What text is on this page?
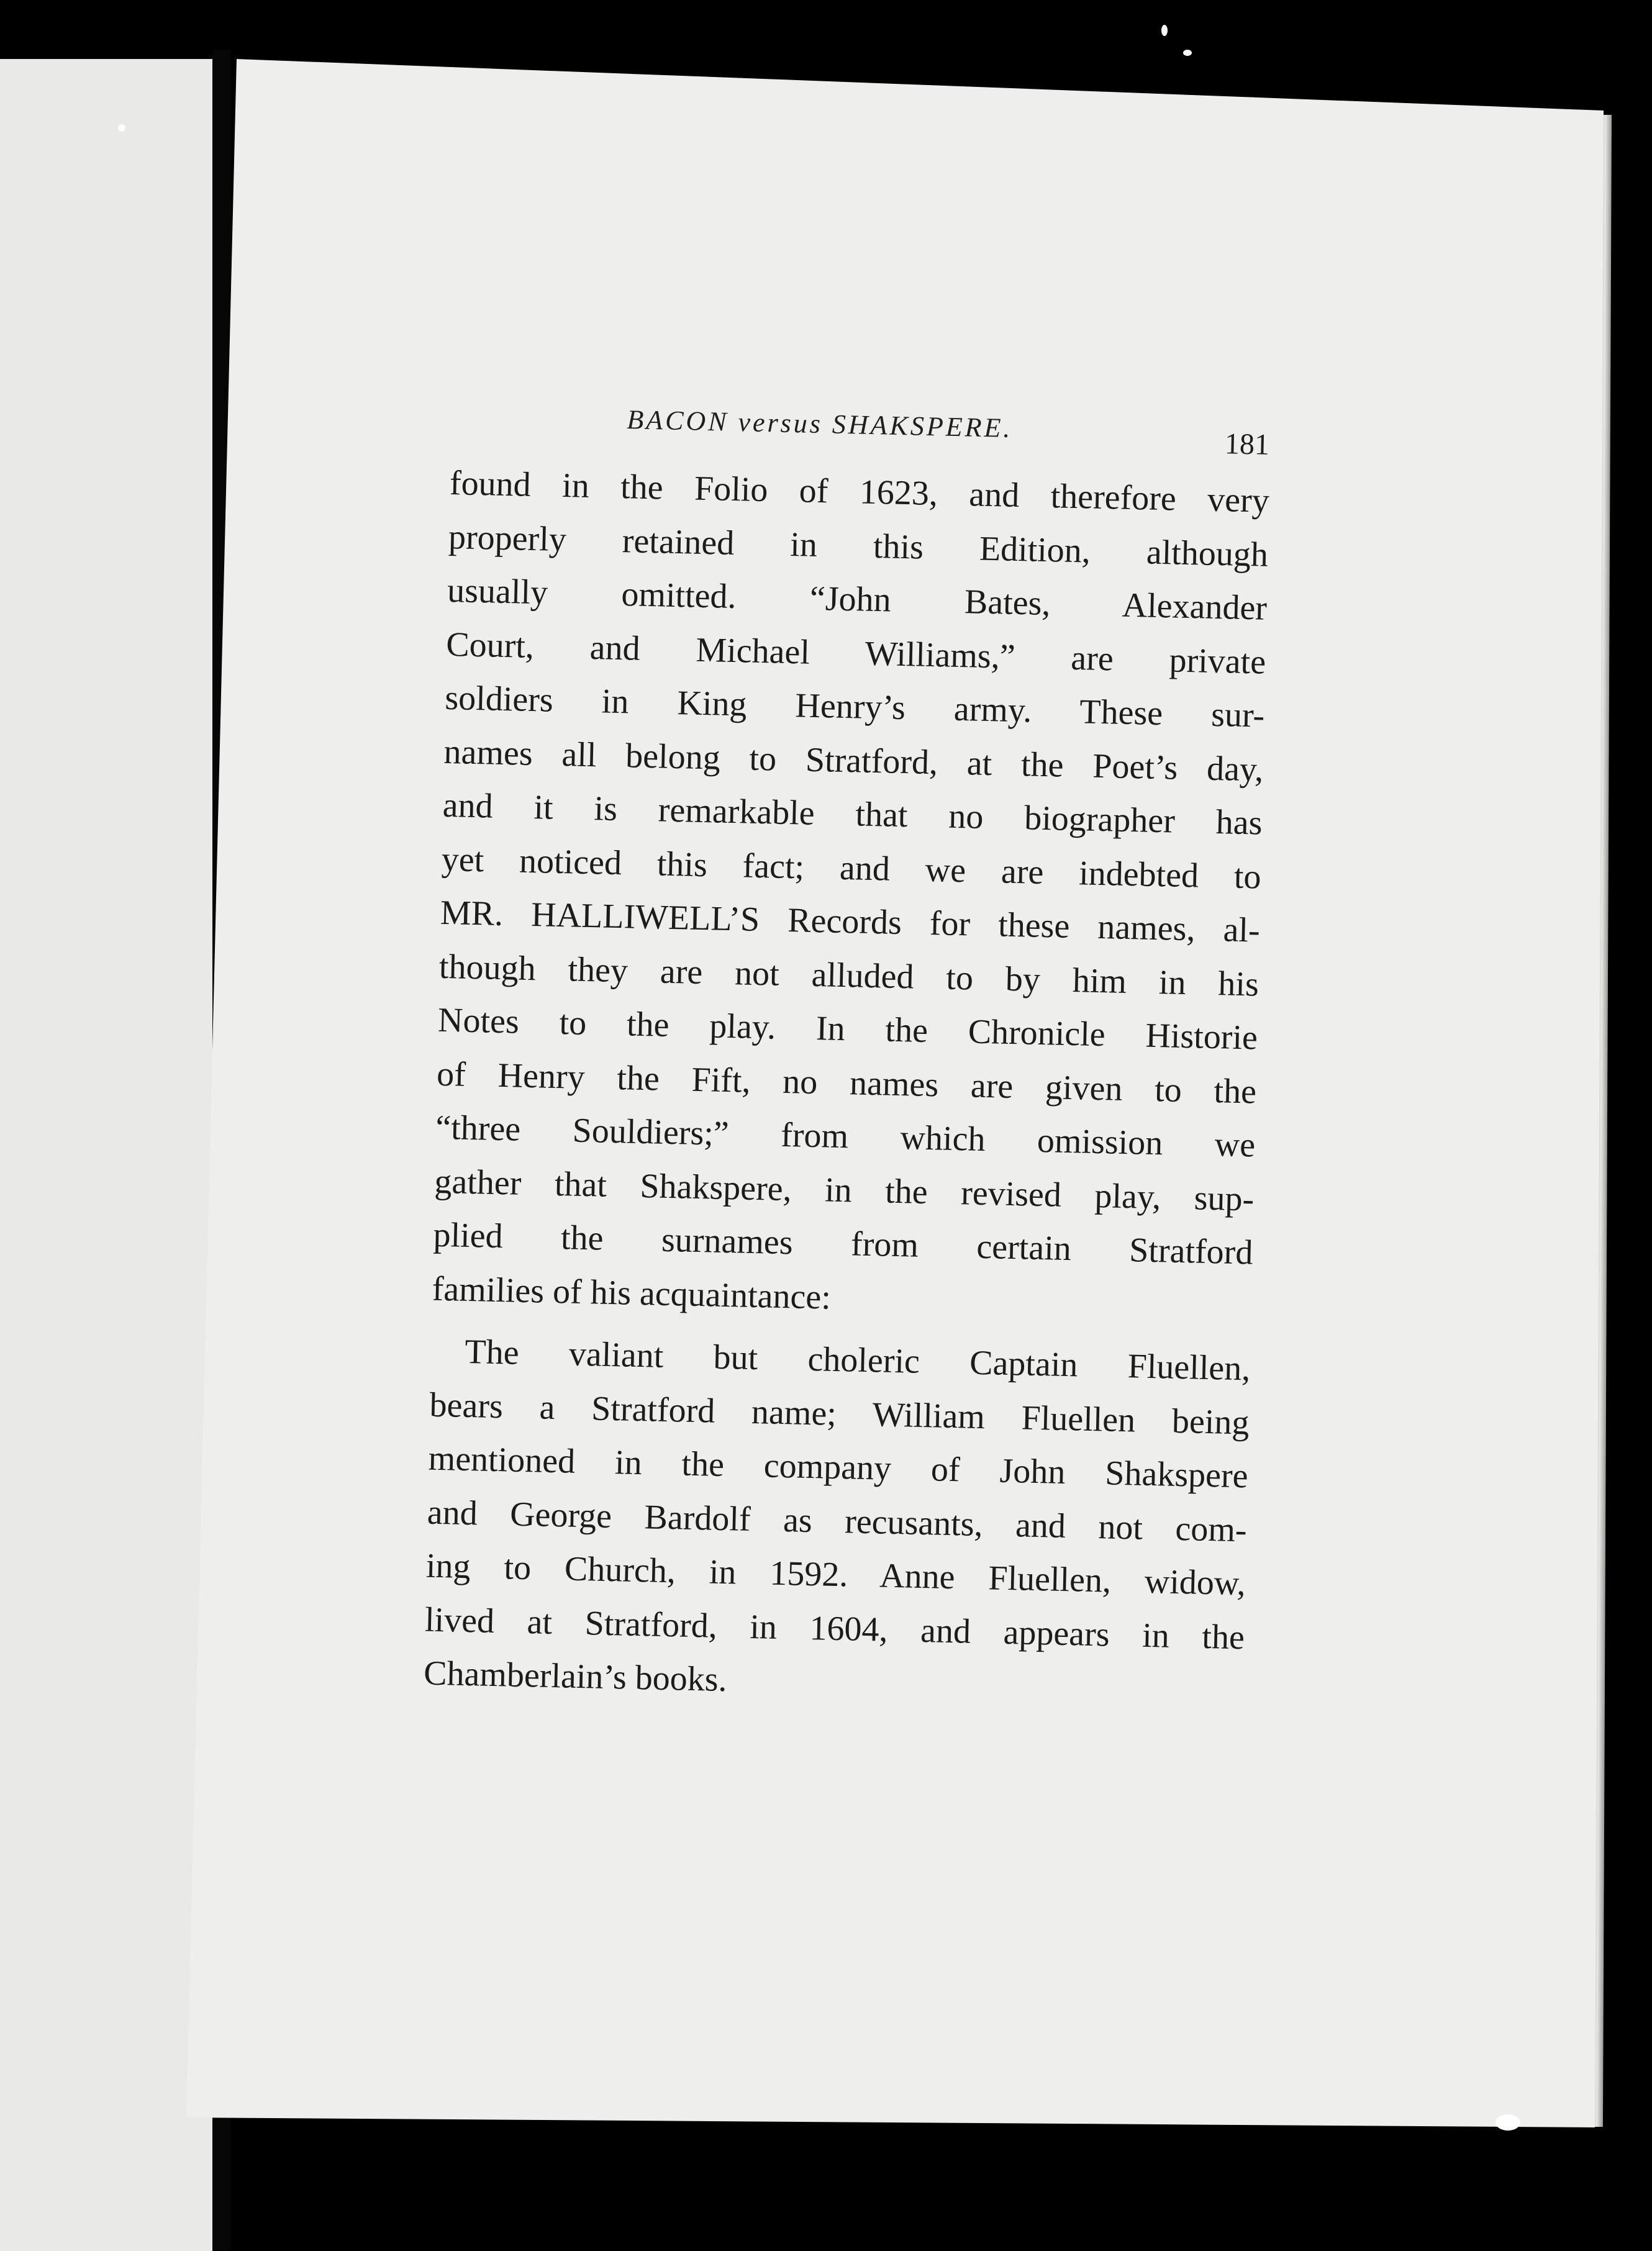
BACON versus SHAKSPERE.
181
found in the Folio of 1623, and therefore very
properly retained in this Edition, although
usually omitted. “John Bates, Alexander
Court, and Michael Williams,” are private
soldiers in King Henry’s army. These sur-
names all belong to Stratford, at the Poet’s day,
and it is remarkable that no biographer has
yet noticed this fact; and we are indebted to
MR. HALLIWELL’S Records for these names, al-
though they are not alluded to by him in his
Notes to the play. In the Chronicle Historie
of Henry the Fift, no names are given to the
“three Souldiers;” from which omission we
gather that Shakspere, in the revised play, sup-
plied the surnames from certain Stratford
families of his acquaintance:
The valiant but choleric Captain Fluellen,
bears a Stratford name; William Fluellen being
mentioned in the company of John Shakspere
and George Bardolf as recusants, and not com-
ing to Church, in 1592. Anne Fluellen, widow,
lived at Stratford, in 1604, and appears in the
Chamberlain’s books.
